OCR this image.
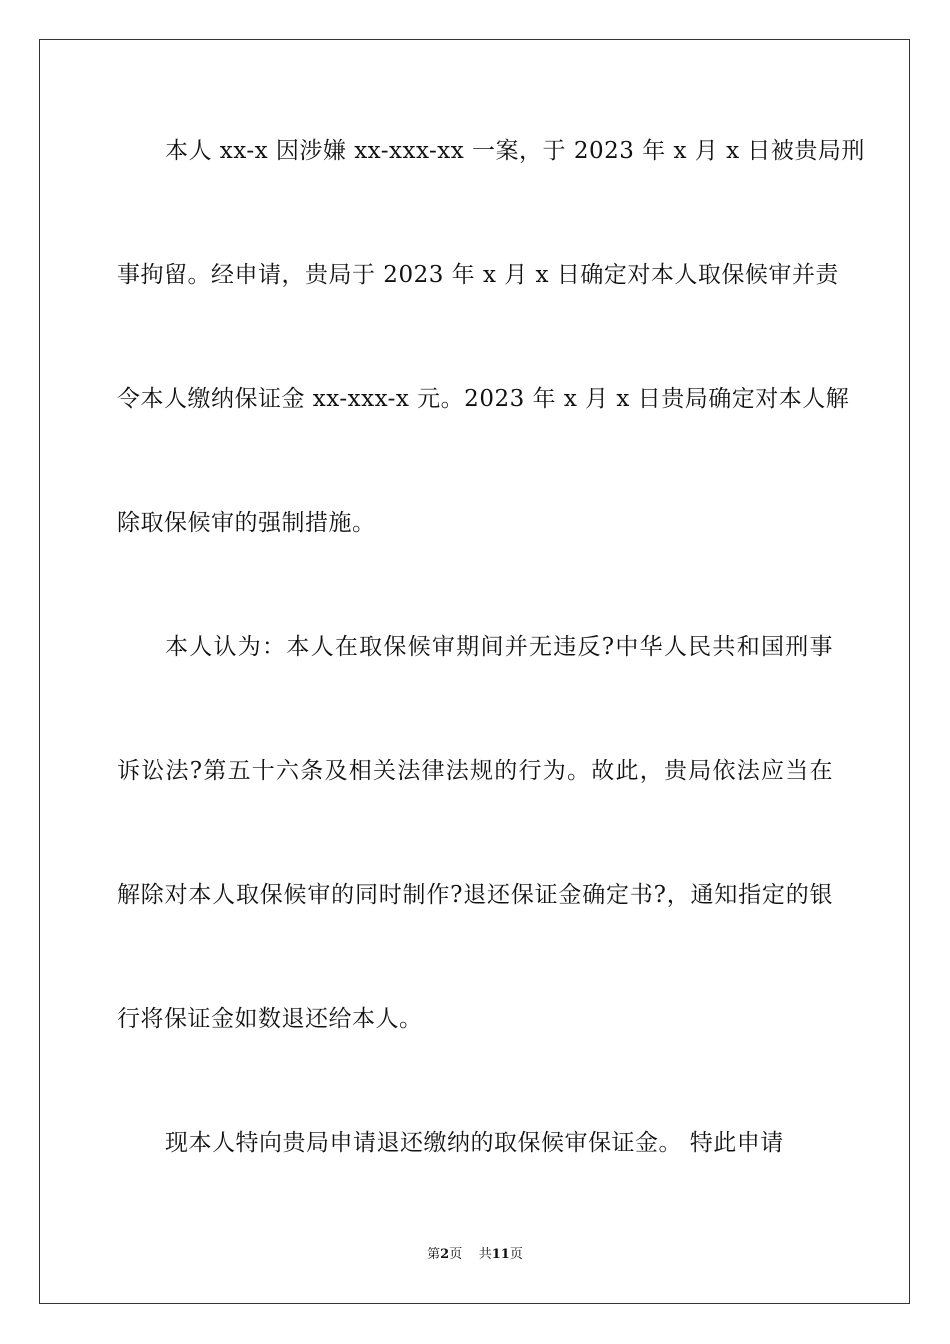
本人 xx-x 因涉嫌 xx-xxx-xx 一案，于 2023 年 x 月 x 日被贵局刑
事拘留。经申请，贵局于 2023 年 x 月 x 日确定对本人取保候审并责
令本人缴纳保证金 xx-xxx-x 元。2023 年 x 月 x 日贵局确定对本人解
除取保候审的强制措施。
本人认为：本人在取保候审期间并无违反?中华人民共和国刑事
诉讼法?第五十六条及相关法律法规的行为。故此，贵局依法应当在
解除对本人取保候审的同时制作?退还保证金确定书?，通知指定的银
行将保证金如数退还给本人。
现本人特向贵局申请退还缴纳的取保候审保证金。 特此申请
第2页 共11页
